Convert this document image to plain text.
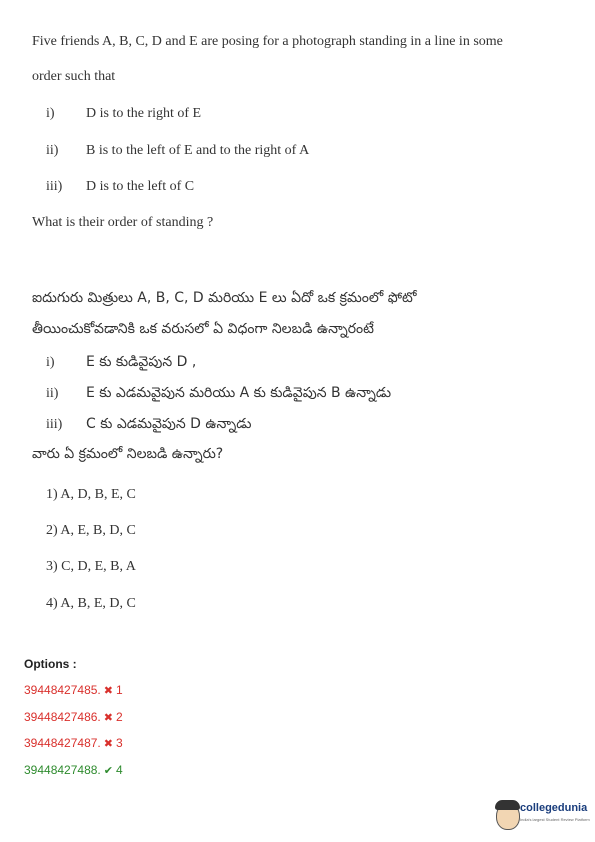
Five friends A, B, C, D and E are posing for a photograph standing in a line in some
order such that
i) D is to the right of E
ii) B is to the left of E and to the right of A
iii) D is to the left of C
What is their order of standing ?
ఐదుగురు మిత్రులు A, B, C, D మరియు E లు ఏదో ఒక క్రమంలో ఫోటో
తీయించుకోవడానికి ఒక వరుసలో ఏ విధంగా నిలబడి ఉన్నారంటే
i) E కు కుడివైపున D ,
ii) E కు ఎడమవైపున మరియు A కు కుడివైపున B ఉన్నాడు
iii) C కు ఎడమవైపున D ఉన్నాడు
వారు ఏ క్రమంలో నిలబడి ఉన్నారు?
1) A, D, B, E, C
2) A, E, B, D, C
3) C, D, E, B, A
4) A, B, E, D, C
Options :
39448427485. ✖ 1
39448427486. ✖ 2
39448427487. ✖ 3
39448427488. ✔ 4
collegedunia
India's largest Student Review Platform
